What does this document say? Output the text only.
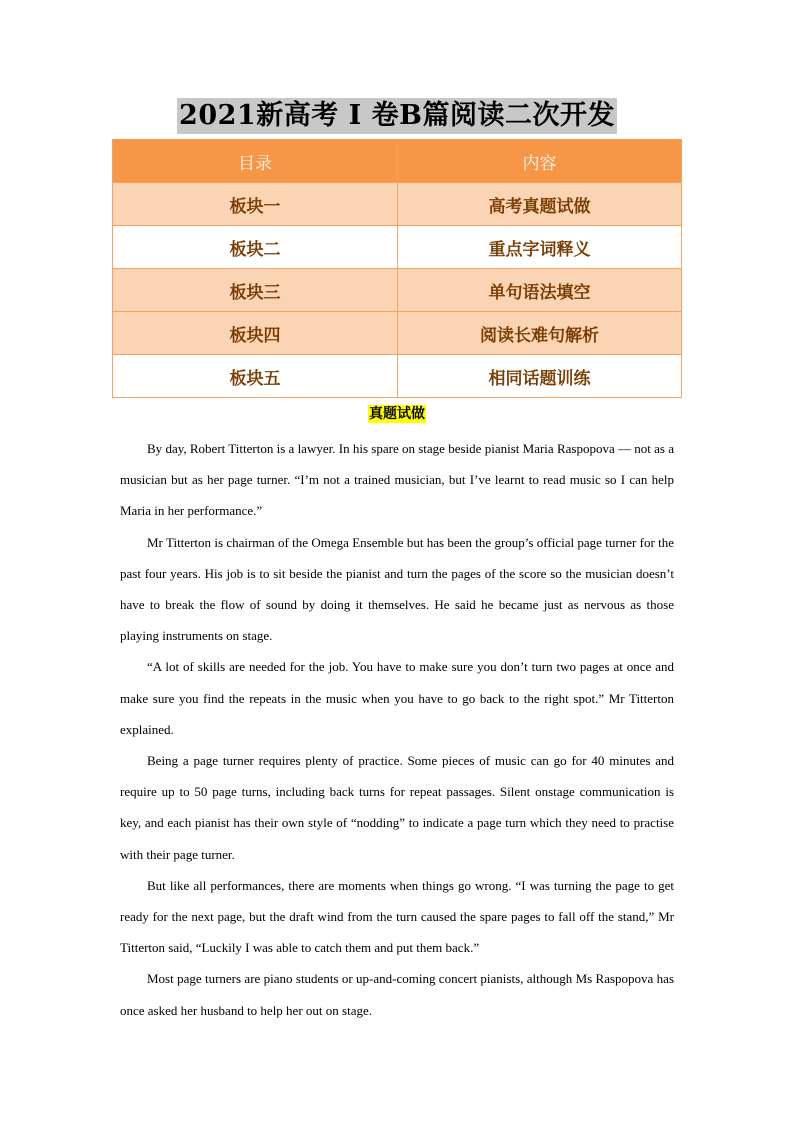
2021新高考 I 卷B篇阅读二次开发
目录	内容
板块一	高考真题试做
板块二	重点字词释义
板块三	单句语法填空
板块四	阅读长难句解析
板块五	相同话题训练
真题试做

By day, Robert Titterton is a lawyer. In his spare on stage beside pianist Maria Raspopova — not as a musician but as her page turner. “I’m not a trained musician, but I’ve learnt to read music so I can help Maria in her performance.”

Mr Titterton is chairman of the Omega Ensemble but has been the group’s official page turner for the past four years. His job is to sit beside the pianist and turn the pages of the score so the musician doesn’t have to break the flow of sound by doing it themselves. He said he became just as nervous as those playing instruments on stage.

“A lot of skills are needed for the job. You have to make sure you don’t turn two pages at once and make sure you find the repeats in the music when you have to go back to the right spot.” Mr Titterton explained.

Being a page turner requires plenty of practice. Some pieces of music can go for 40 minutes and require up to 50 page turns, including back turns for repeat passages. Silent onstage communication is key, and each pianist has their own style of “nodding” to indicate a page turn which they need to practise with their page turner.

But like all performances, there are moments when things go wrong. “I was turning the page to get ready for the next page, but the draft wind from the turn caused the spare pages to fall off the stand,” Mr Titterton said, “Luckily I was able to catch them and put them back.”

Most page turners are piano students or up-and-coming concert pianists, although Ms Raspopova has once asked her husband to help her out on stage.
